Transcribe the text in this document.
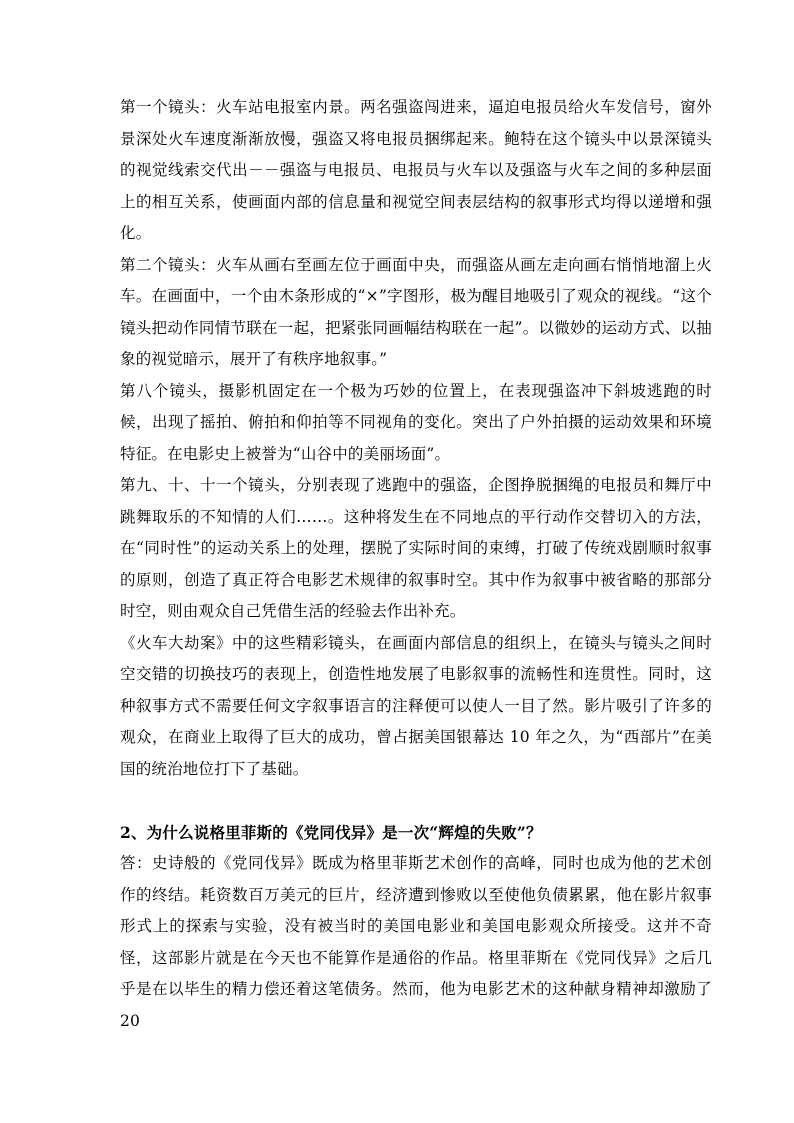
第一个镜头：火车站电报室内景。两名强盗闯进来，逼迫电报员给火车发信号，窗外景深处火车速度渐渐放慢，强盗又将电报员捆绑起来。鲍特在这个镜头中以景深镜头的视觉线索交代出－－强盗与电报员、电报员与火车以及强盗与火车之间的多种层面上的相互关系，使画面内部的信息量和视觉空间表层结构的叙事形式均得以递增和强化。

第二个镜头：火车从画右至画左位于画面中央，而强盗从画左走向画右悄悄地溜上火车。在画面中，一个由木条形成的“×”字图形，极为醒目地吸引了观众的视线。“这个镜头把动作同情节联在一起，把紧张同画幅结构联在一起”。以微妙的运动方式、以抽象的视觉暗示，展开了有秩序地叙事。”

第八个镜头，摄影机固定在一个极为巧妙的位置上，在表现强盗冲下斜坡逃跑的时候，出现了摇拍、俯拍和仰拍等不同视角的变化。突出了户外拍摄的运动效果和环境特征。在电影史上被誉为“山谷中的美丽场面”。

第九、十、十一个镜头，分别表现了逃跑中的强盗，企图挣脱捆绳的电报员和舞厅中跳舞取乐的不知情的人们……。这种将发生在不同地点的平行动作交替切入的方法，在“同时性”的运动关系上的处理，摆脱了实际时间的束缚，打破了传统戏剧顺时叙事的原则，创造了真正符合电影艺术规律的叙事时空。其中作为叙事中被省略的那部分时空，则由观众自己凭借生活的经验去作出补充。

《火车大劫案》中的这些精彩镜头，在画面内部信息的组织上，在镜头与镜头之间时空交错的切换技巧的表现上，创造性地发展了电影叙事的流畅性和连贯性。同时，这种叙事方式不需要任何文字叙事语言的注释便可以使人一目了然。影片吸引了许多的观众，在商业上取得了巨大的成功，曾占据美国银幕达 10 年之久，为“西部片”在美国的统治地位打下了基础。

2、为什么说格里菲斯的《党同伐异》是一次“辉煌的失败”？

答：史诗般的《党同伐异》既成为格里菲斯艺术创作的高峰，同时也成为他的艺术创作的终结。耗资数百万美元的巨片，经济遭到惨败以至使他负债累累，他在影片叙事形式上的探索与实验，没有被当时的美国电影业和美国电影观众所接受。这并不奇怪，这部影片就是在今天也不能算作是通俗的作品。格里菲斯在《党同伐异》之后几乎是在以毕生的精力偿还着这笔债务。然而，他为电影艺术的这种献身精神却激励了 20
